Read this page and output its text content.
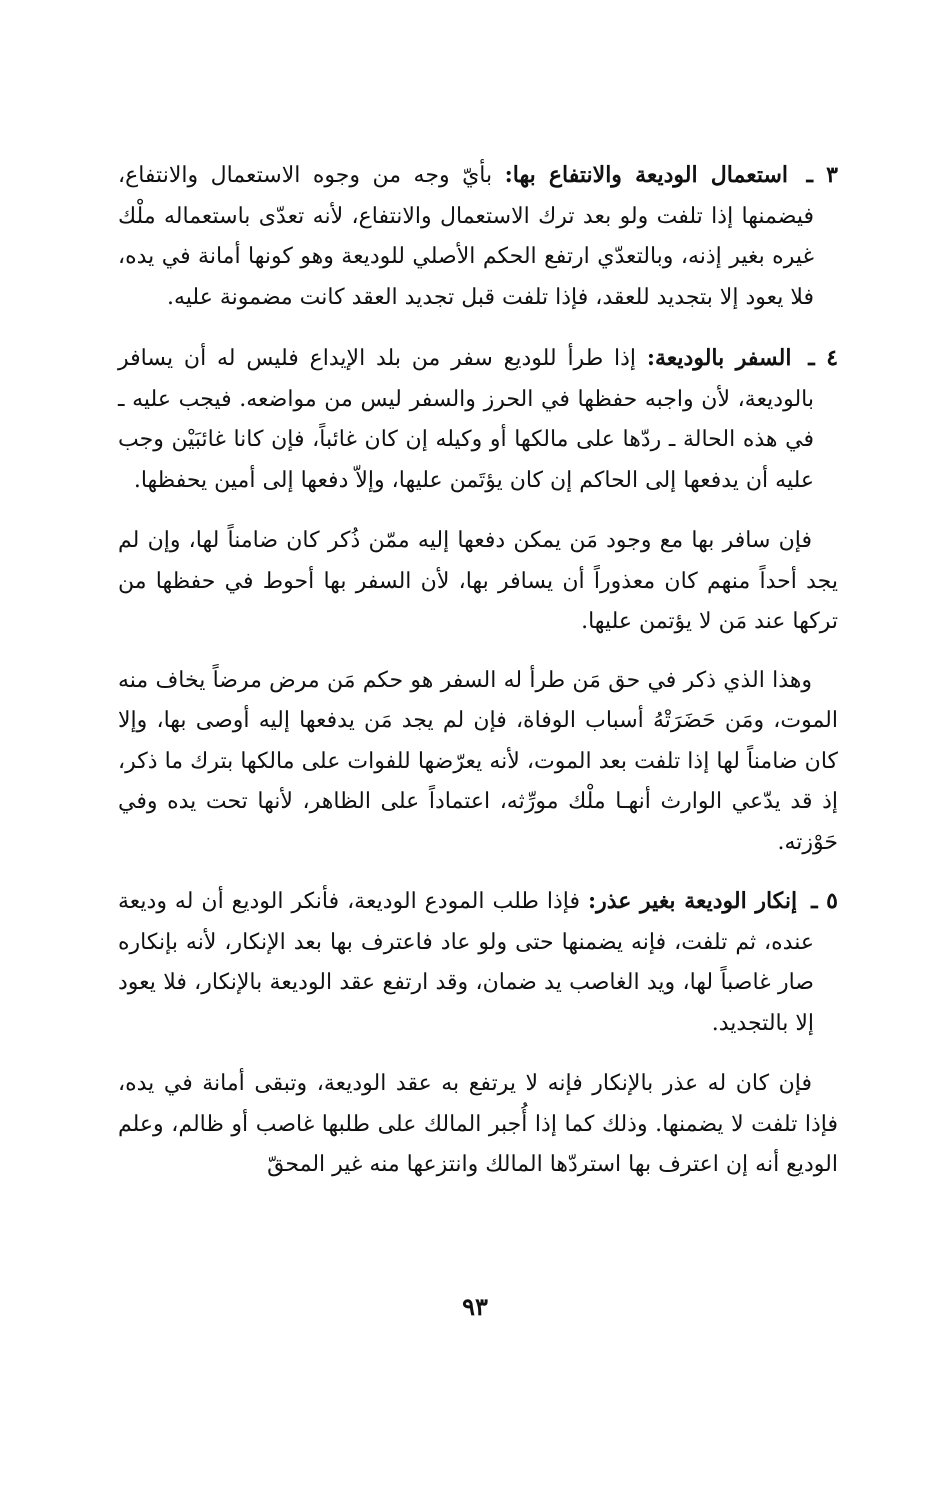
٣ ـ استعمال الوديعة والانتفاع بها: بأيّ وجه من وجوه الاستعمال والانتفاع، فيضمنها إذا تلفت ولو بعد ترك الاستعمال والانتفاع، لأنه تعدّى باستعماله ملْك غيره بغير إذنه، وبالتعدّي ارتفع الحكم الأصلي للوديعة وهو كونها أمانة في يده، فلا يعود إلا بتجديد للعقد، فإذا تلفت قبل تجديد العقد كانت مضمونة عليه.

٤ ـ السفر بالوديعة: إذا طرأ للوديع سفر من بلد الإيداع فليس له أن يسافر بالوديعة، لأن واجبه حفظها في الحرز والسفر ليس من مواضعه. فيجب عليه ـ في هذه الحالة ـ ردّها على مالكها أو وكيله إن كان غائباً، فإن كانا غائبَيْن وجب عليه أن يدفعها إلى الحاكم إن كان يؤتَمن عليها، وإلاّ دفعها إلى أمين يحفظها.

فإن سافر بها مع وجود مَن يمكن دفعها إليه ممّن ذُكر كان ضامناً لها، وإن لم يجد أحداً منهم كان معذوراً أن يسافر بها، لأن السفر بها أحوط في حفظها من تركها عند مَن لا يؤتمن عليها.

وهذا الذي ذكر في حق مَن طرأ له السفر هو حكم مَن مرض مرضاً يخاف منه الموت، ومَن حَضَرَتْهُ أسباب الوفاة، فإن لم يجد مَن يدفعها إليه أوصى بها، وإلا كان ضامناً لها إذا تلفت بعد الموت، لأنه يعرّضها للفوات على مالكها بترك ما ذكر، إذ قد يدّعي الوارث أنهـا ملْك مورِّثه، اعتماداً على الظاهر، لأنها تحت يده وفي حَوْزته.

٥ ـ إنكار الوديعة بغير عذر: فإذا طلب المودع الوديعة، فأنكر الوديع أن له وديعة عنده، ثم تلفت، فإنه يضمنها حتى ولو عاد فاعترف بها بعد الإنكار، لأنه بإنكاره صار غاصباً لها، ويد الغاصب يد ضمان، وقد ارتفع عقد الوديعة بالإنكار، فلا يعود إلا بالتجديد.

فإن كان له عذر بالإنكار فإنه لا يرتفع به عقد الوديعة، وتبقى أمانة في يده، فإذا تلفت لا يضمنها. وذلك كما إذا أُجبر المالك على طلبها غاصب أو ظالم، وعلم الوديع أنه إن اعترف بها استردّها المالك وانتزعها منه غير المحقّ

٩٣
